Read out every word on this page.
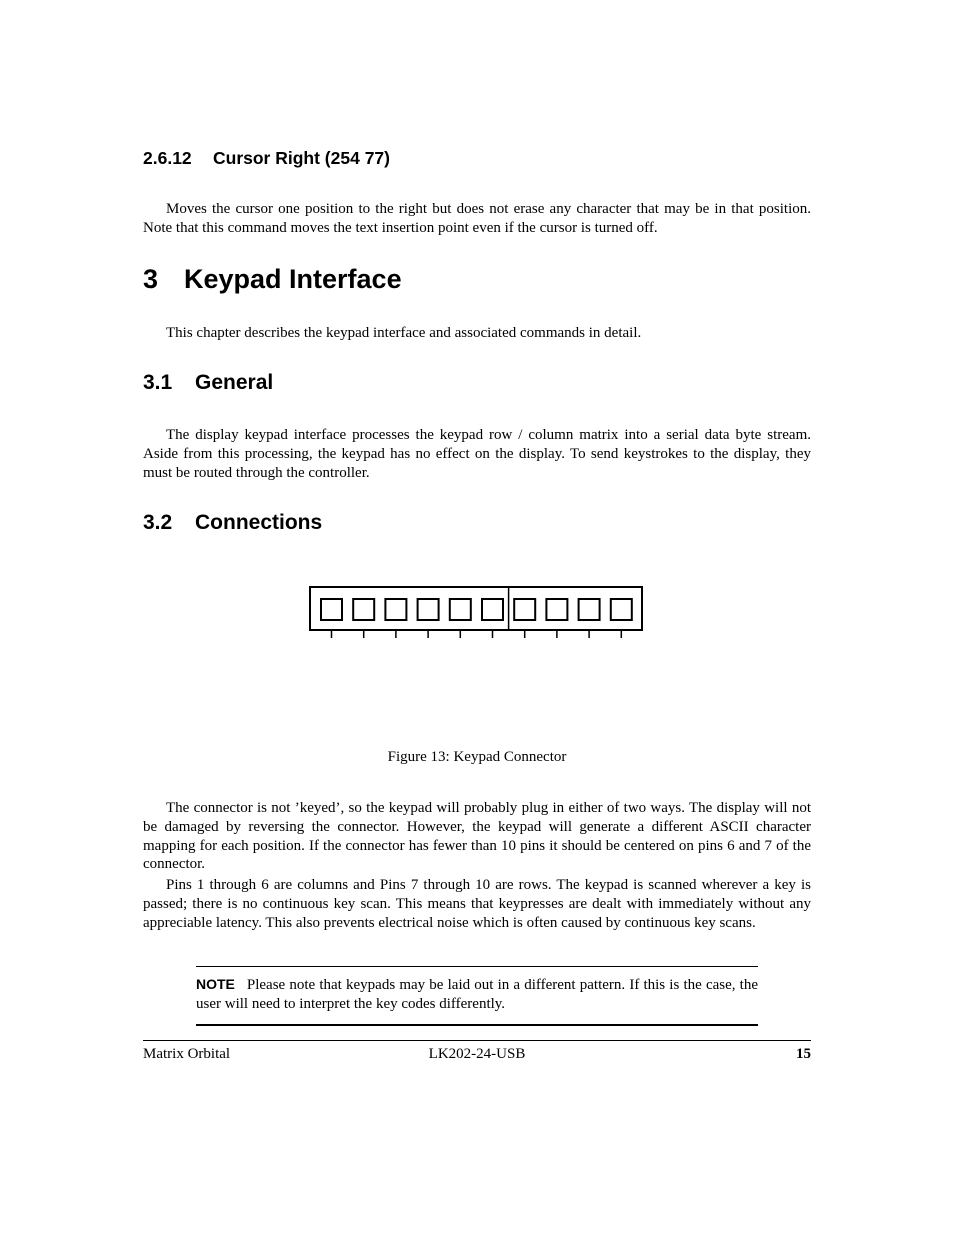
2.6.12 Cursor Right (254 77)

Moves the cursor one position to the right but does not erase any character that may be in that position. Note that this command moves the text insertion point even if the cursor is turned off.

3 Keypad Interface

This chapter describes the keypad interface and associated commands in detail.

3.1 General

The display keypad interface processes the keypad row / column matrix into a serial data byte stream. Aside from this processing, the keypad has no effect on the display. To send keystrokes to the display, they must be routed through the controller.

3.2 Connections
Figure 13: Keypad Connector

The connector is not ’keyed’, so the keypad will probably plug in either of two ways. The display will not be damaged by reversing the connector. However, the keypad will generate a different ASCII character mapping for each position. If the connector has fewer than 10 pins it should be centered on pins 6 and 7 of the connector.

Pins 1 through 6 are columns and Pins 7 through 10 are rows. The keypad is scanned wherever a key is passed; there is no continuous key scan. This means that keypresses are dealt with immediately without any appreciable latency. This also prevents electrical noise which is often caused by continuous key scans.

NOTE Please note that keypads may be laid out in a different pattern. If this is the case, the user will need to interpret the key codes differently.

Matrix Orbital	LK202-24-USB	15
